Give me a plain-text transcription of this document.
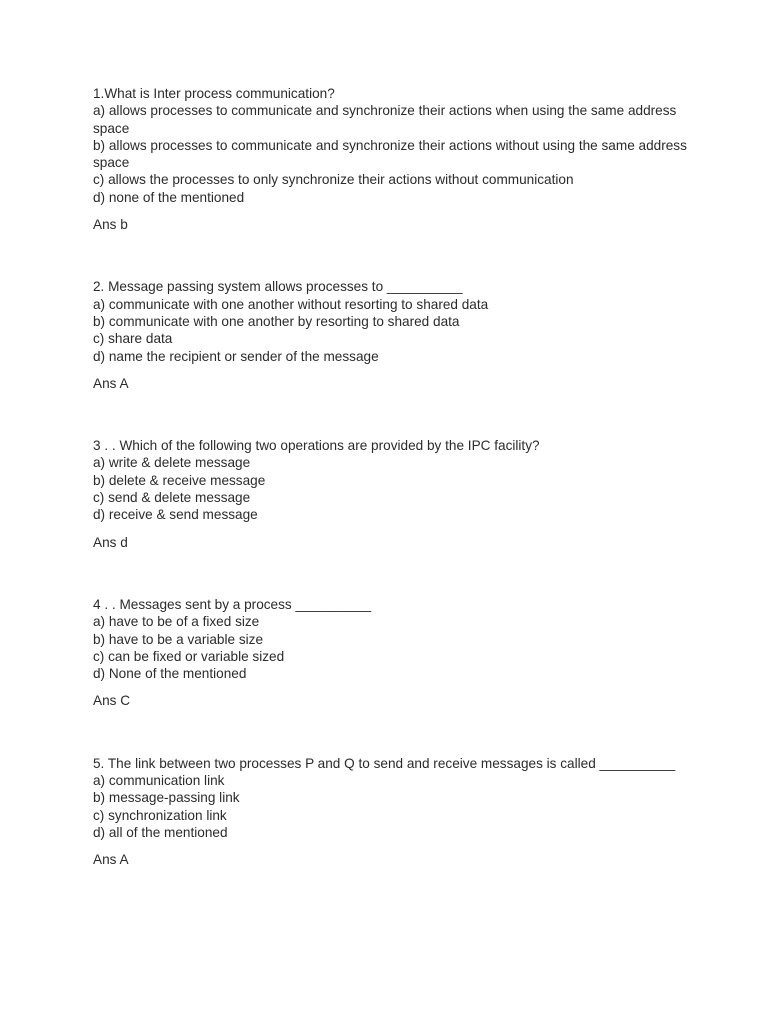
1.What is Inter process communication?
a) allows processes to communicate and synchronize their actions when using the same address space
b) allows processes to communicate and synchronize their actions without using the same address space
c) allows the processes to only synchronize their actions without communication
d) none of the mentioned
Ans b
2. Message passing system allows processes to __________
a) communicate with one another without resorting to shared data
b) communicate with one another by resorting to shared data
c) share data
d) name the recipient or sender of the message
Ans A
3 . . Which of the following two operations are provided by the IPC facility?
a) write & delete message
b) delete & receive message
c) send & delete message
d) receive & send message
Ans d
4 . . Messages sent by a process __________
a) have to be of a fixed size
b) have to be a variable size
c) can be fixed or variable sized
d) None of the mentioned
Ans C
5. The link between two processes P and Q to send and receive messages is called __________
a) communication link
b) message-passing link
c) synchronization link
d) all of the mentioned
Ans A
